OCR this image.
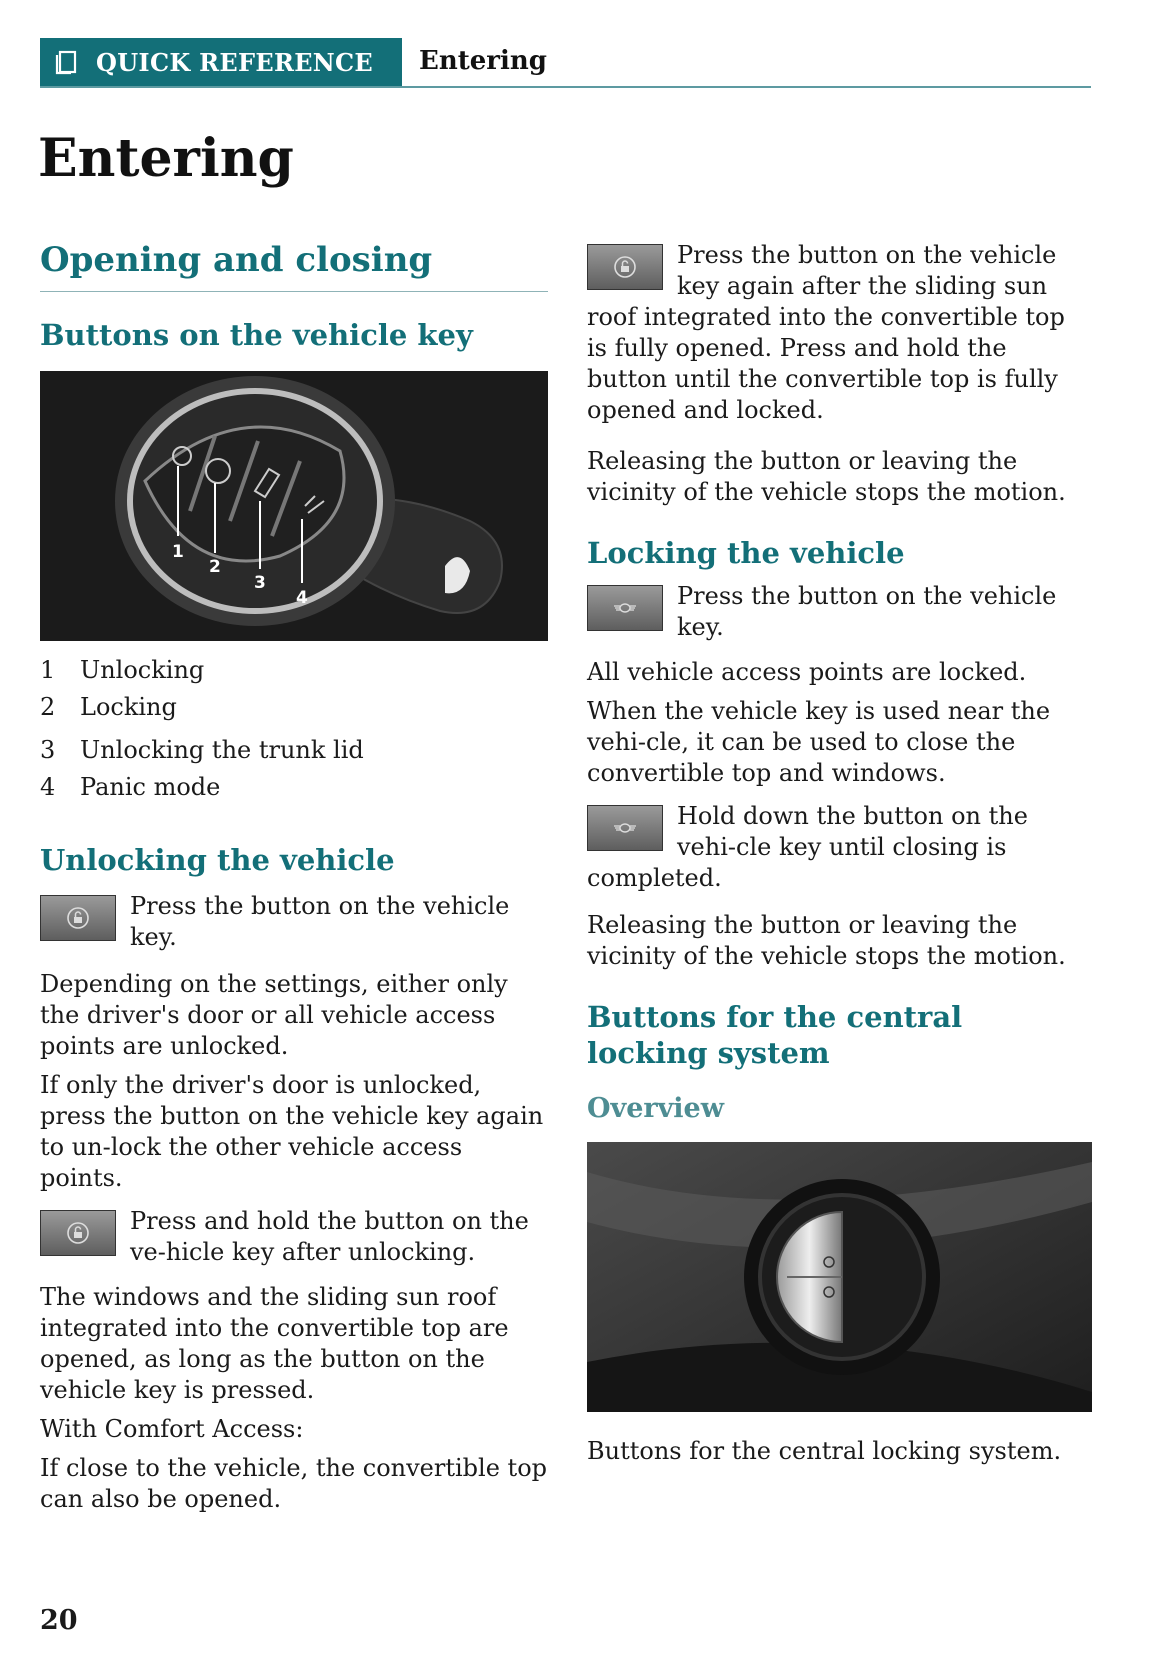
QUICK REFERENCE Entering
Entering
Opening and closing
Buttons on the vehicle key
1
2
3
4
1	Unlocking
2	Locking
3	Unlocking the trunk lid
4	Panic mode
Unlocking the vehicle

Press the button on the vehicle key.

Depending on the settings, either only the driver's door or all vehicle access points are unlocked.

If only the driver's door is unlocked, press the button on the vehicle key again to un-lock the other vehicle access points.

Press and hold the button on the ve-hicle key after unlocking.

The windows and the sliding sun roof integrated into the convertible top are opened, as long as the button on the vehicle key is pressed.

With Comfort Access:

If close to the vehicle, the convertible top can also be opened.

Press the button on the vehicle key again after the sliding sun roof integrated into the convertible top is fully opened. Press and hold the button until the convertible top is fully opened and locked.

Releasing the button or leaving the vicinity of the vehicle stops the motion.

Locking the vehicle

Press the button on the vehicle key.

All vehicle access points are locked.

When the vehicle key is used near the vehi-cle, it can be used to close the convertible top and windows.

Hold down the button on the vehi-cle key until closing is completed.

Releasing the button or leaving the vicinity of the vehicle stops the motion.

Buttons for the central locking system
Overview

Buttons for the central locking system.

20
